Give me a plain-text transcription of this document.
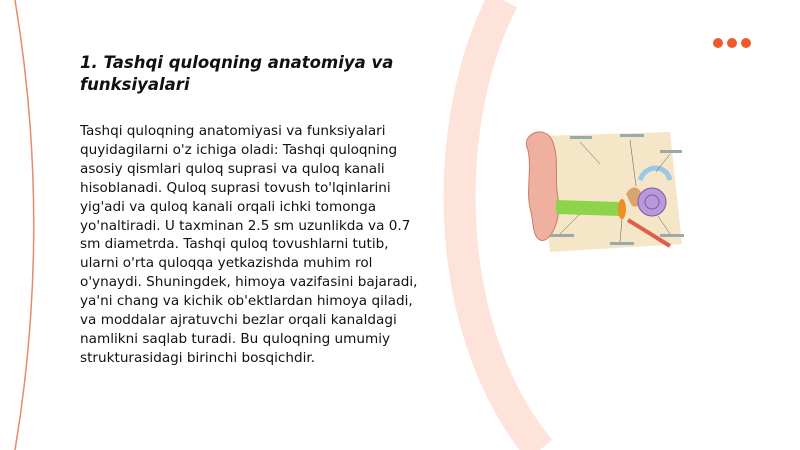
1. Tashqi quloqning anatomiya va funksiyalari

Tashqi quloqning anatomiyasi va funksiyalari quyidagilarni o'z ichiga oladi: Tashqi quloqning asosiy qismlari quloq suprasi va quloq kanali hisoblanadi. Quloq suprasi tovush to'lqinlarini yig'adi va quloq kanali orqali ichki tomonga yo'naltiradi. U taxminan 2.5 sm uzunlikda va 0.7 sm diametrda. Tashqi quloq tovushlarni tutib, ularni o'rta quloqqa yetkazishda muhim rol o'ynaydi. Shuningdek, himoya vazifasini bajaradi, ya'ni chang va kichik ob'ektlardan himoya qiladi, va moddalar ajratuvchi bezlar orqali kanaldagi namlikni saqlab turadi. Bu quloqning umumiy strukturasidagi birinchi bosqichdir.
